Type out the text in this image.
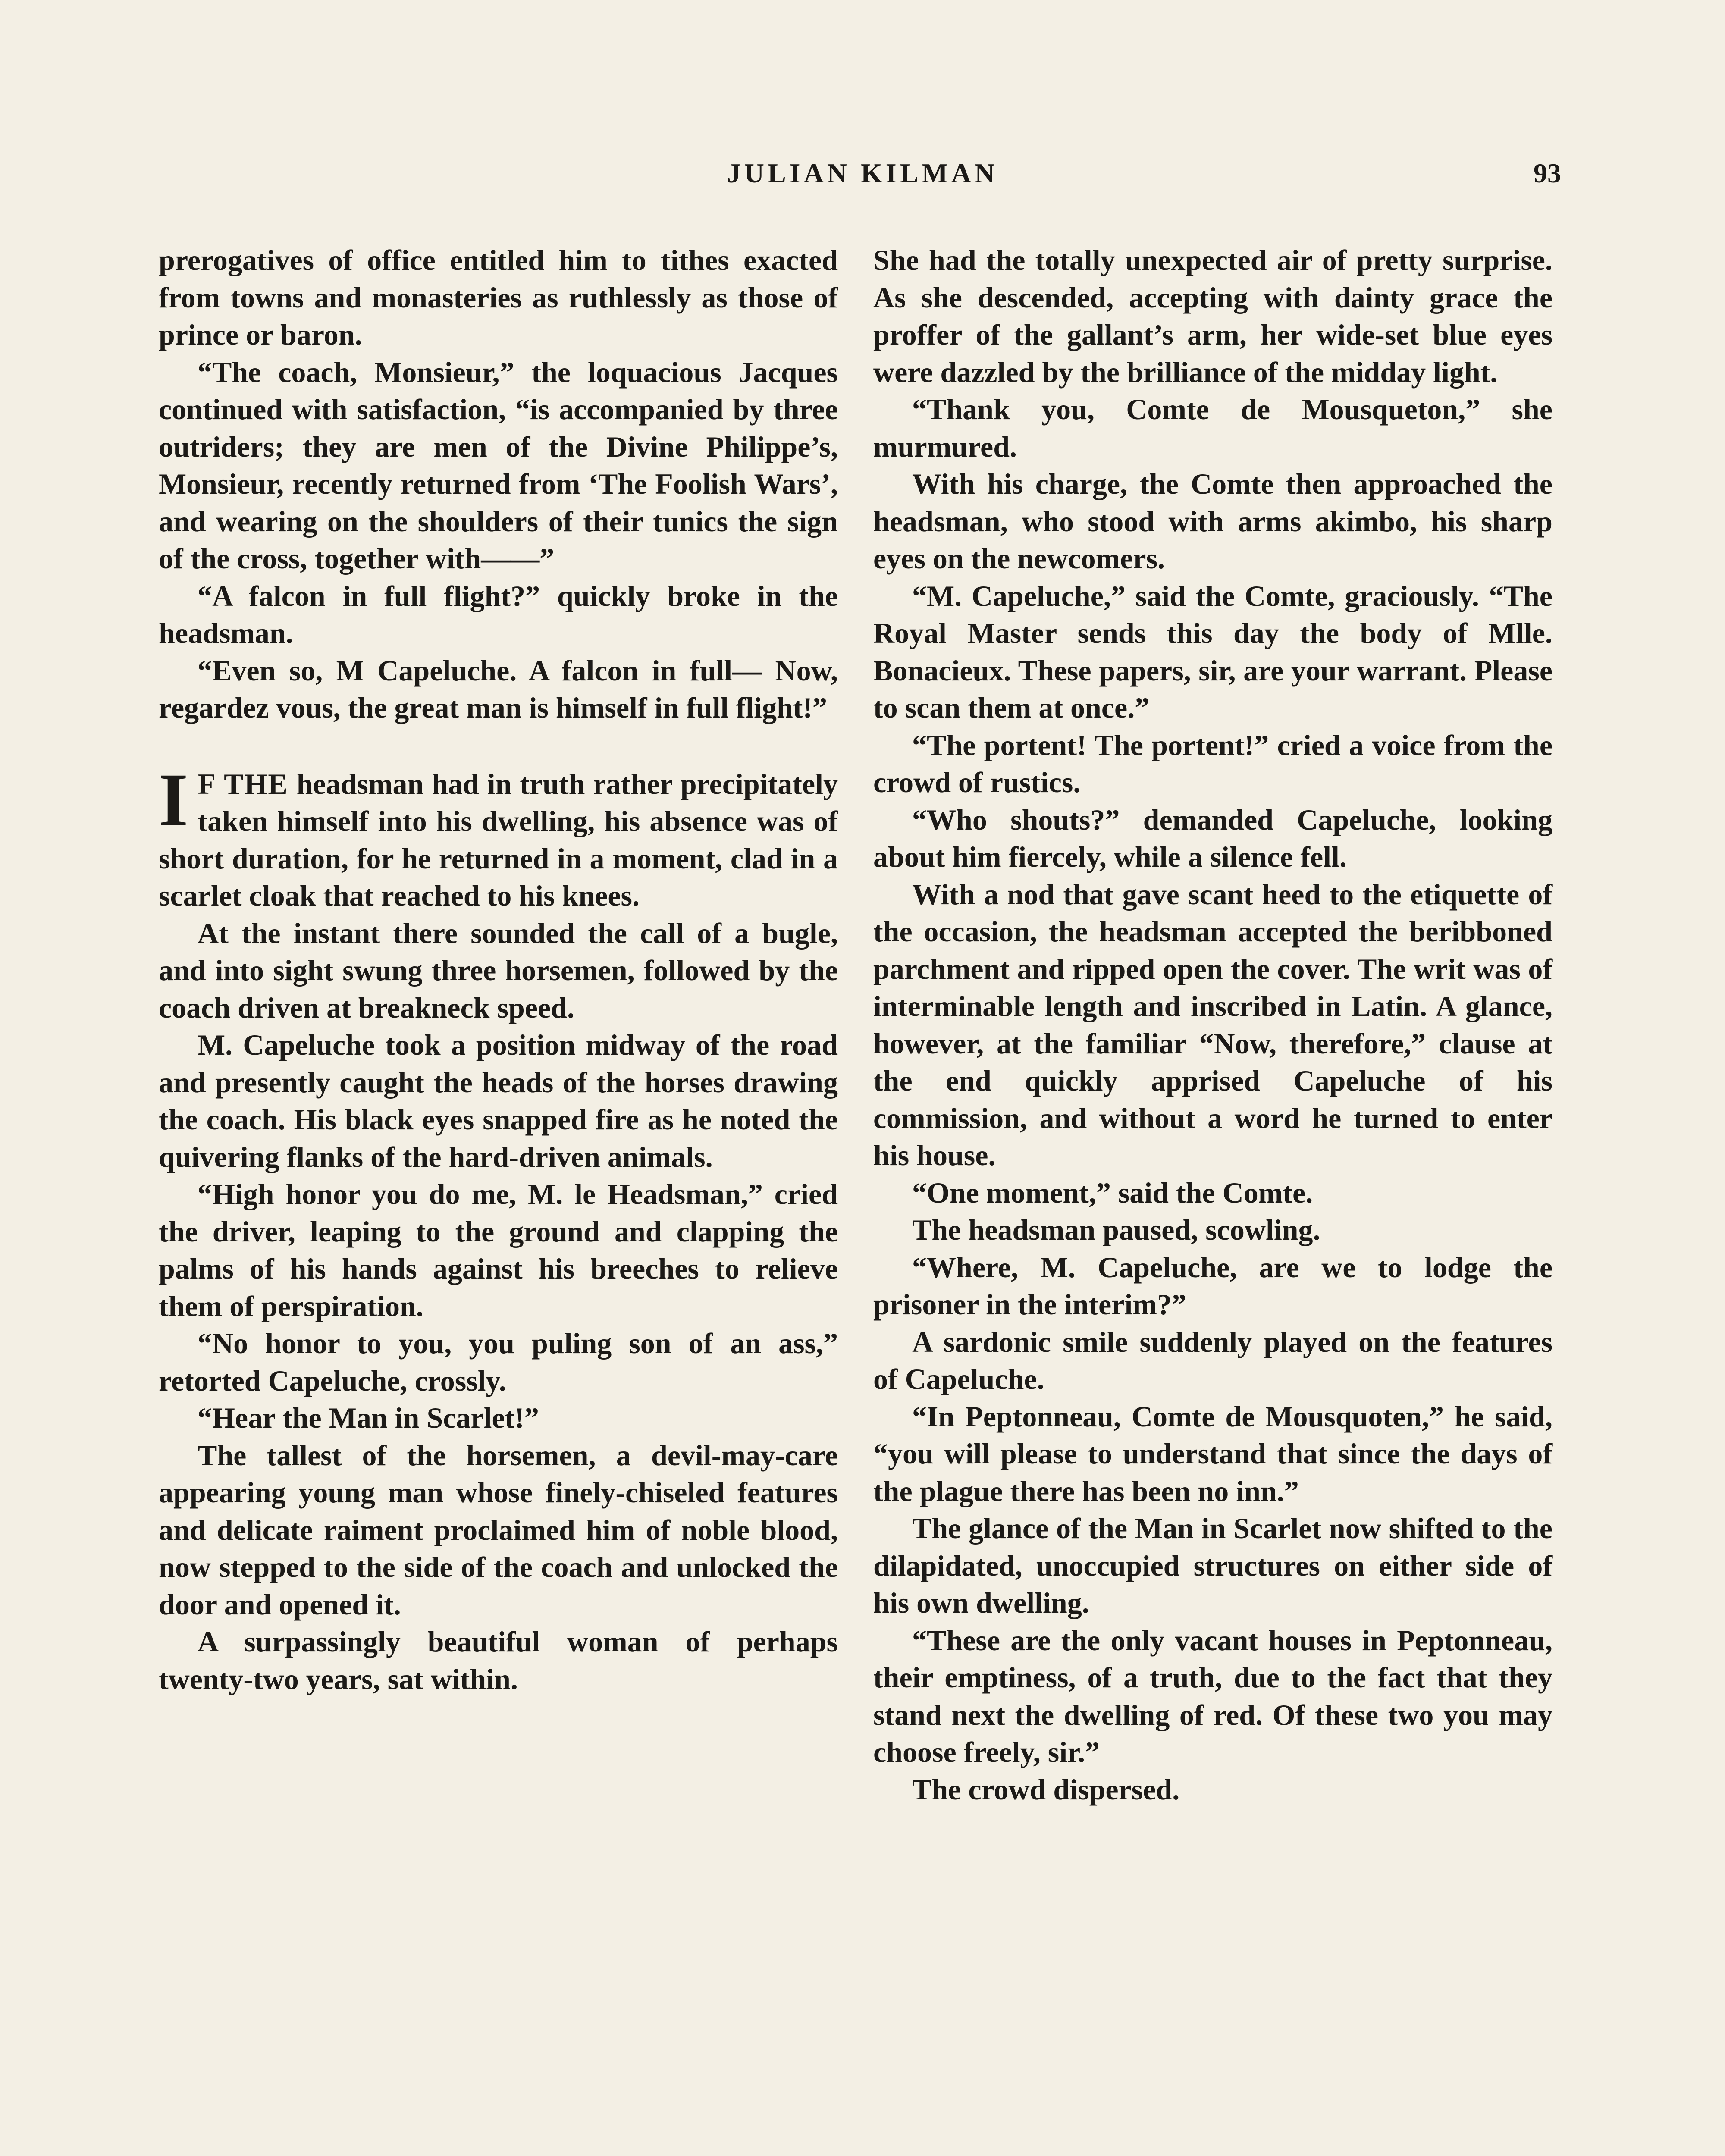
JULIAN KILMAN	93

prerogatives of office entitled him to tithes exacted from towns and monasteries as ruthlessly as those of prince or baron.

“The coach, Monsieur,” the loquacious Jacques continued with satisfaction, “is accompanied by three outriders; they are men of the Divine Philippe’s, Monsieur, recently returned from ‘The Foolish Wars’, and wearing on the shoulders of their tunics the sign of the cross, together with——”

“A falcon in full flight?” quickly broke in the headsman.

“Even so, M Capeluche. A falcon in full— Now, regardez vous, the great man is himself in full flight!”

I F THE headsman had in truth rather precipitately taken himself into his dwelling, his absence was of short duration, for he returned in a moment, clad in a scarlet cloak that reached to his knees.

At the instant there sounded the call of a bugle, and into sight swung three horsemen, followed by the coach driven at breakneck speed.

M. Capeluche took a position midway of the road and presently caught the heads of the horses drawing the coach. His black eyes snapped fire as he noted the quivering flanks of the hard-driven animals.

“High honor you do me, M. le Headsman,” cried the driver, leaping to the ground and clapping the palms of his hands against his breeches to relieve them of perspiration.

“No honor to you, you puling son of an ass,” retorted Capeluche, crossly.

“Hear the Man in Scarlet!”

The tallest of the horsemen, a devil-may-care appearing young man whose finely-chiseled features and delicate raiment proclaimed him of noble blood, now stepped to the side of the coach and unlocked the door and opened it.

A surpassingly beautiful woman of perhaps twenty-two years, sat within.

She had the totally unexpected air of pretty surprise. As she descended, accepting with dainty grace the proffer of the gallant’s arm, her wide-set blue eyes were dazzled by the brilliance of the midday light.

“Thank you, Comte de Mousqueton,” she murmured.

With his charge, the Comte then approached the headsman, who stood with arms akimbo, his sharp eyes on the newcomers.

“M. Capeluche,” said the Comte, graciously. “The Royal Master sends this day the body of Mlle. Bonacieux. These papers, sir, are your warrant. Please to scan them at once.”

“The portent! The portent!” cried a voice from the crowd of rustics.

“Who shouts?” demanded Capeluche, looking about him fiercely, while a silence fell.

With a nod that gave scant heed to the etiquette of the occasion, the headsman accepted the beribboned parchment and ripped open the cover. The writ was of interminable length and inscribed in Latin. A glance, however, at the familiar “Now, therefore,” clause at the end quickly apprised Capeluche of his commission, and without a word he turned to enter his house.

“One moment,” said the Comte.

The headsman paused, scowling.

“Where, M. Capeluche, are we to lodge the prisoner in the interim?”

A sardonic smile suddenly played on the features of Capeluche.

“In Peptonneau, Comte de Mousquoten,” he said, “you will please to understand that since the days of the plague there has been no inn.”

The glance of the Man in Scarlet now shifted to the dilapidated, unoccupied structures on either side of his own dwelling.

“These are the only vacant houses in Peptonneau, their emptiness, of a truth, due to the fact that they stand next the dwelling of red. Of these two you may choose freely, sir.”

The crowd dispersed.
